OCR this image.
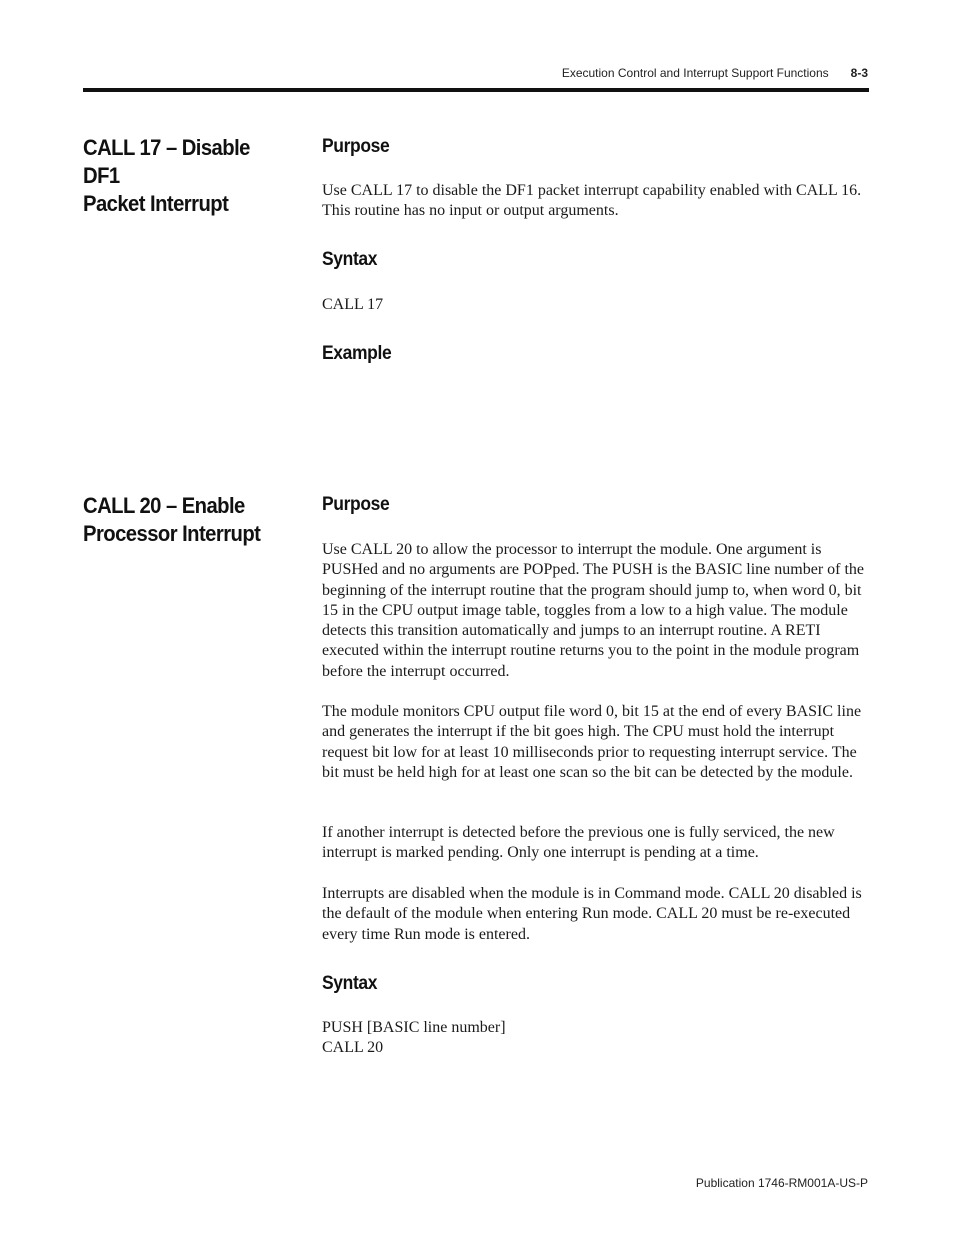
Execution Control and Interrupt Support Functions 8-3
CALL 17 – Disable DF1
Packet Interrupt
Purpose
Use CALL 17 to disable the DF1 packet interrupt capability enabled with CALL 16. This routine has no input or output arguments.
Syntax
CALL 17
Example
CALL 20 – Enable
Processor Interrupt
Purpose
Use CALL 20 to allow the processor to interrupt the module. One argument is PUSHed and no arguments are POPped. The PUSH is the BASIC line number of the beginning of the interrupt routine that the program should jump to, when word 0, bit 15 in the CPU output image table, toggles from a low to a high value. The module detects this transition automatically and jumps to an interrupt routine. A RETI executed within the interrupt routine returns you to the point in the module program before the interrupt occurred.
The module monitors CPU output file word 0, bit 15 at the end of every BASIC line and generates the interrupt if the bit goes high. The CPU must hold the interrupt request bit low for at least 10 milliseconds prior to requesting interrupt service. The bit must be held high for at least one scan so the bit can be detected by the module.
If another interrupt is detected before the previous one is fully serviced, the new interrupt is marked pending. Only one interrupt is pending at a time.
Interrupts are disabled when the module is in Command mode. CALL 20 disabled is the default of the module when entering Run mode. CALL 20 must be re-executed every time Run mode is entered.
Syntax
PUSH [BASIC line number]
CALL 20
Publication 1746-RM001A-US-P
